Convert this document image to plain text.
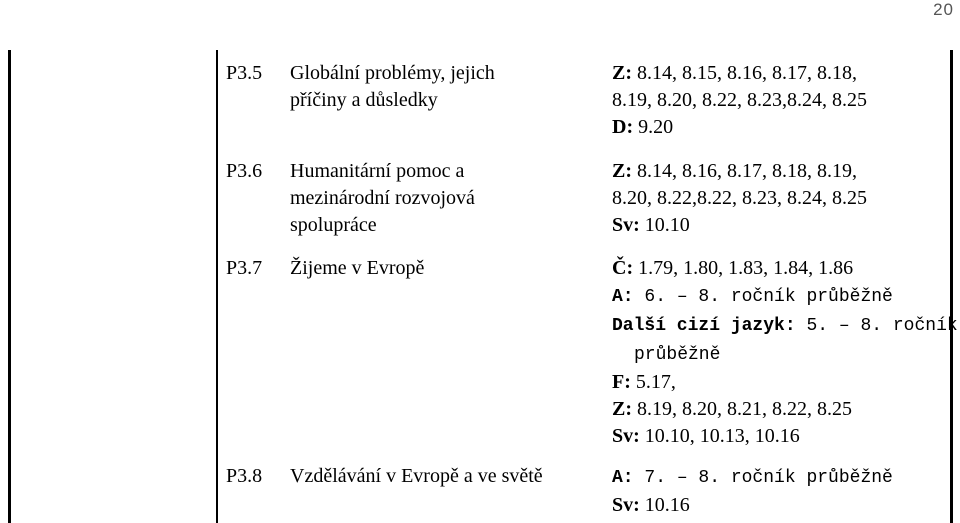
20
P3.5 Globální problémy, jejich
příčiny a důsledky
Z: 8.14, 8.15, 8.16, 8.17, 8.18,
8.19, 8.20, 8.22, 8.23,8.24, 8.25
D: 9.20
P3.6 Humanitární pomoc a
mezinárodní rozvojová
spolupráce
Z: 8.14, 8.16, 8.17, 8.18, 8.19,
8.20, 8.22,8.22, 8.23, 8.24, 8.25
Sv: 10.10
P3.7 Žijeme v Evropě	Č: 1.79, 1.80, 1.83, 1.84, 1.86
A: 6. – 8. ročník průběžně
Další cizí jazyk: 5. – 8. ročník
průběžně
F: 5.17,
Z: 8.19, 8.20, 8.21, 8.22, 8.25
Sv: 10.10, 10.13, 10.16
P3.8 Vzdělávání v Evropě a ve světě	A: 7. – 8. ročník průběžně
Sv: 10.16
